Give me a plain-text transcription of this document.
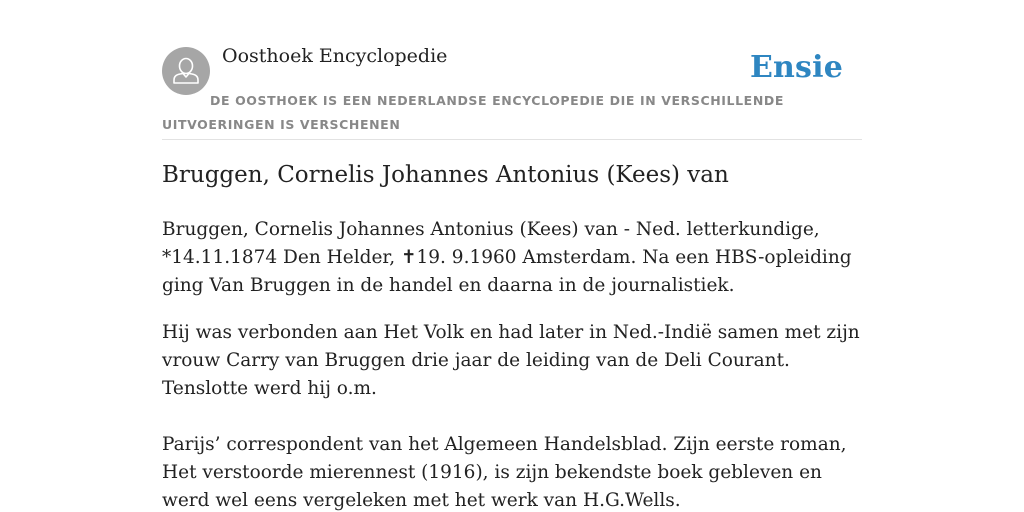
Oosthoek Encyclopedie	Ensie
DE OOSTHOEK IS EEN NEDERLANDSE ENCYCLOPEDIE DIE IN VERSCHILLENDE UITVOERINGEN IS VERSCHENEN
Bruggen, Cornelis Johannes Antonius (Kees) van

Bruggen, Cornelis Johannes Antonius (Kees) van - Ned. letterkundige, *14.11.1874 Den Helder, ✝19. 9.1960 Amsterdam. Na een HBS-opleiding ging Van Bruggen in de handel en daarna in de journalistiek.

Hij was verbonden aan Het Volk en had later in Ned.-Indië samen met zijn vrouw Carry van Bruggen drie jaar de leiding van de Deli Courant. Tenslotte werd hij o.m.

Parijs’ correspondent van het Algemeen Handelsblad. Zijn eerste roman, Het verstoorde mierennest (1916), is zijn bekendste boek gebleven en werd wel eens vergeleken met het werk van H.G.Wells.
